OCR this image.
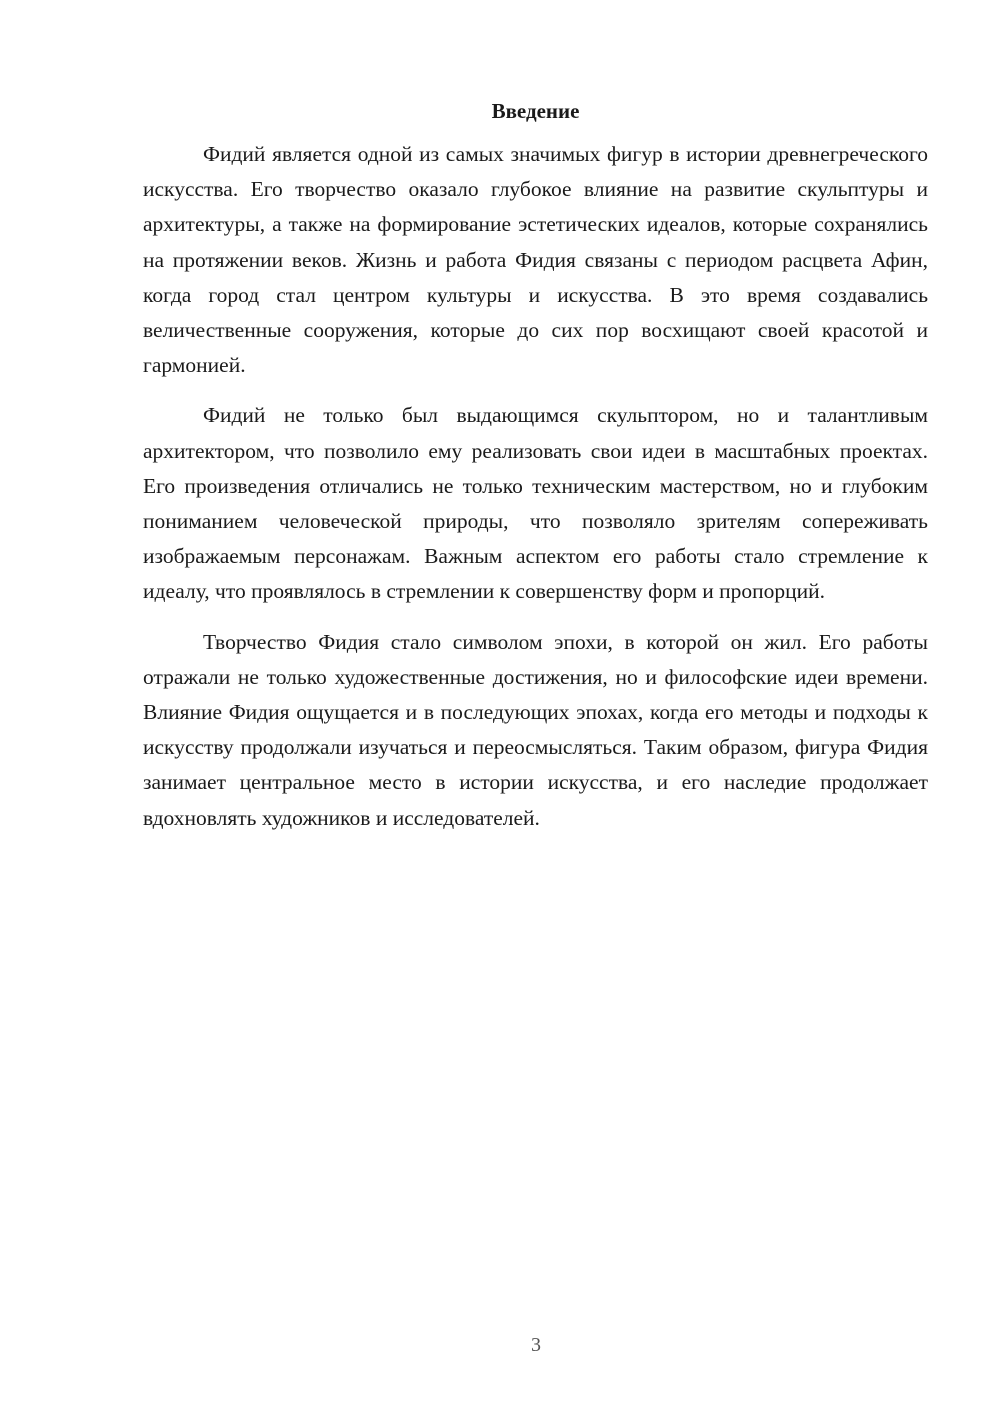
Введение

Фидий является одной из самых значимых фигур в истории древнегреческого искусства. Его творчество оказало глубокое влияние на развитие скульптуры и архитектуры, а также на формирование эстетических идеалов, которые сохранялись на протяжении веков. Жизнь и работа Фидия связаны с периодом расцвета Афин, когда город стал центром культуры и искусства. В это время создавались величественные сооружения, которые до сих пор восхищают своей красотой и гармонией.

Фидий не только был выдающимся скульптором, но и талантливым архитектором, что позволило ему реализовать свои идеи в масштабных проектах. Его произведения отличались не только техническим мастерством, но и глубоким пониманием человеческой природы, что позволяло зрителям сопереживать изображаемым персонажам. Важным аспектом его работы стало стремление к идеалу, что проявлялось в стремлении к совершенству форм и пропорций.

Творчество Фидия стало символом эпохи, в которой он жил. Его работы отражали не только художественные достижения, но и философские идеи времени. Влияние Фидия ощущается и в последующих эпохах, когда его методы и подходы к искусству продолжали изучаться и переосмысляться. Таким образом, фигура Фидия занимает центральное место в истории искусства, и его наследие продолжает вдохновлять художников и исследователей.

3
